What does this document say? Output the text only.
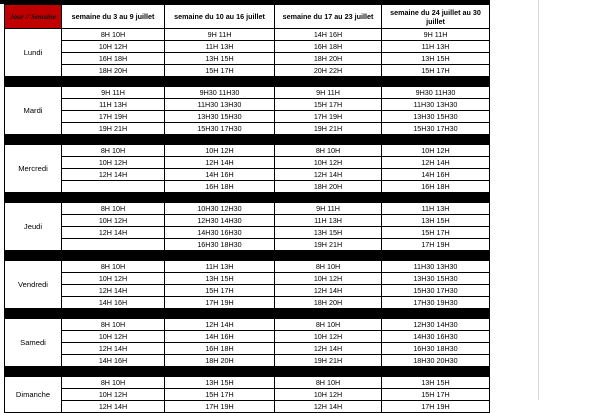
Jour // Semaine	semaine du 3 au 9 juillet	semaine du 10 au 16 juillet	semaine du 17 au 23 juillet	semaine du 24 juillet au 30 juillet
Lundi	8H 10H	9H 11H	14H 16H	9H 11H
	10H 12H	11H 13H	16H 18H	11H 13H
	16H 18H	13H 15H	18H 20H	13H 15H
	18H 20H	15H 17H	20H 22H	15H 17H

Mardi	9H 11H	9H30 11H30	9H 11H	9H30 11H30
	11H 13H	11H30 13H30	15H 17H	11H30 13H30
	17H 19H	13H30 15H30	17H 19H	13H30 15H30
	19H 21H	15H30 17H30	19H 21H	15H30 17H30

Mercredi	8H 10H	10H 12H	8H 10H	10H 12H
	10H 12H	12H 14H	10H 12H	12H 14H
	12H 14H	14H 16H	12H 14H	14H 16H
		16H 18H	18H 20H	16H 18H

Jeudi	8H 10H	10H30 12H30	9H 11H	11H 13H
	10H 12H	12H30 14H30	11H 13H	13H 15H
	12H 14H	14H30 16H30	13H 15H	15H 17H
		16H30 18H30	19H 21H	17H 19H

Vendredi	8H 10H	11H 13H	8H 10H	11H30 13H30
	10H 12H	13H 15H	10H 12H	13H30 15H30
	12H 14H	15H 17H	12H 14H	15H30 17H30
	14H 16H	17H 19H	18H 20H	17H30 19H30

Samedi	8H 10H	12H 14H	8H 10H	12H30 14H30
	10H 12H	14H 16H	10H 12H	14H30 16H30
	12H 14H	16H 18H	12H 14H	16H30 18H30
	14H 16H	18H 20H	19H 21H	18H30 20H30

Dimanche	8H 10H	13H 15H	8H 10H	13H 15H
	10H 12H	15H 17H	10H 12H	15H 17H
	12H 14H	17H 19H	12H 14H	17H 19H
